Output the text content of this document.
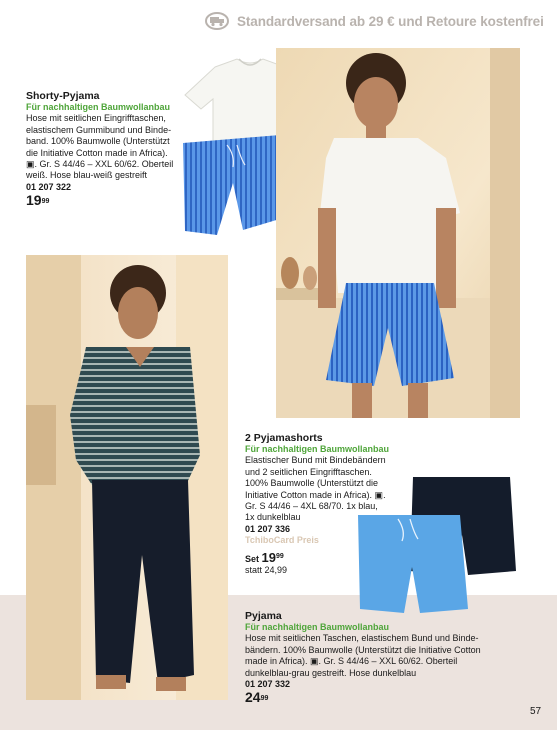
Standardversand ab 29 € und Retoure kostenfrei
Shorty-Pyjama
Für nachhaltigen Baumwollanbau
Hose mit seitlichen Eingrifftaschen,
elastischem Gummibund und Binde-
band. 100% Baumwolle (Unterstützt
die Initiative Cotton made in Africa).
▣. Gr. S 44/46 – XXL 60/62. Oberteil
weiß. Hose blau-weiß gestreift
01 207 322
$19^{99}$
2 Pyjamashorts
Für nachhaltigen Baumwollanbau
Elastischer Bund mit Bindebändern
und 2 seitlichen Eingrifftaschen.
100% Baumwolle (Unterstützt die
Initiative Cotton made in Africa). ▣.
Gr. S 44/46 – 4XL 68/70. 1x blau,
1x dunkelblau
01 207 336
TchiboCard Preis
Set $19^{99}$
statt 24,99
Pyjama
Für nachhaltigen Baumwollanbau
Hose mit seitlichen Taschen, elastischem Bund und Binde-
bändern. 100% Baumwolle (Unterstützt die Initiative Cotton
made in Africa). ▣. Gr. S 44/46 – XXL 60/62. Oberteil
dunkelblau-grau gestreift. Hose dunkelblau
01 207 332
$24^{99}$
57
